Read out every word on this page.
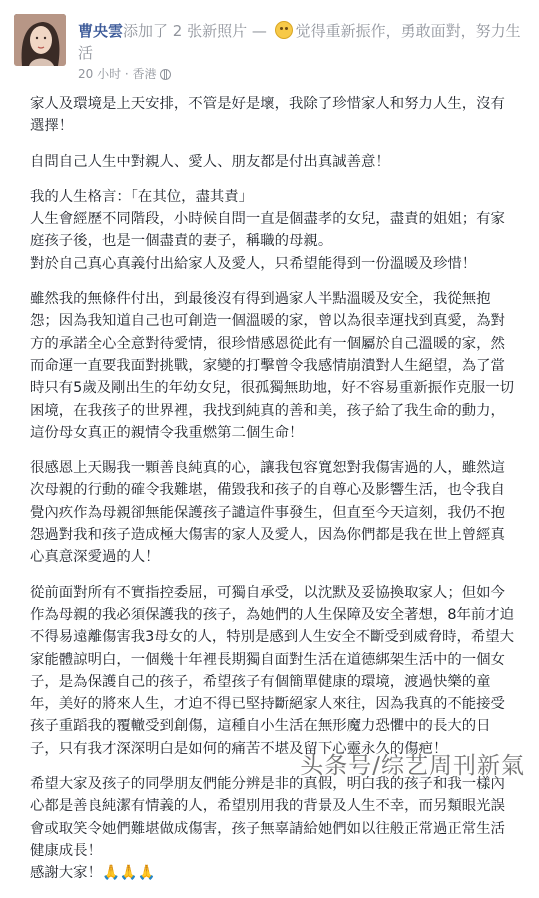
曹央雲添加了 2 张新照片 — 觉得重新振作，勇敢面對，努力生活
20 小时 · 香港

家人及環境是上天安排，不管是好是壞，我除了珍惜家人和努力人生，沒有選擇！

自問自己人生中對親人、愛人、朋友都是付出真誠善意！

我的人生格言：「在其位，盡其責」
人生會經歷不同階段，小時候自問一直是個盡孝的女兒，盡責的姐姐；有家庭孩子後，也是一個盡責的妻子，稱職的母親。
對於自己真心真義付出給家人及愛人，只希望能得到一份溫暖及珍惜！

雖然我的無條件付出，到最後沒有得到過家人半點溫暖及安全，我從無抱怨；因為我知道自己也可創造一個溫暖的家，曾以為很幸運找到真愛，為對方的承諾全心全意對待愛情，很珍惜感恩從此有一個屬於自己溫暖的家，然而命運一直要我面對挑戰，家變的打擊曾令我感情崩潰對人生絕望，為了當時只有5歲及剛出生的年幼女兒，很孤獨無助地，好不容易重新振作克服一切困境，在我孩子的世界裡，我找到純真的善和美，孩子給了我生命的動力，這份母女真正的親情令我重燃第二個生命！

很感恩上天賜我一顆善良純真的心，讓我包容寬恕對我傷害過的人，雖然這次母親的行動的確令我難堪，備毀我和孩子的自尊心及影響生活，也令我自覺內疚作為母親卻無能保護孩子譴這件事發生，但直至今天這刻，我仍不抱怨過對我和孩子造成極大傷害的家人及愛人，因為你們都是我在世上曾經真心真意深愛過的人！

從前面對所有不實指控委屈，可獨自承受，以沈默及妥協換取家人；但如今作為母親的我必須保護我的孩子，為她們的人生保障及安全著想，8年前才迫不得易遠離傷害我3母女的人，特別是感到人生安全不斷受到威脅時，希望大家能體諒明白，一個幾十年裡長期獨自面對生活在道德綁架生活中的一個女子，是為保護自己的孩子，希望孩子有個簡單健康的環境，渡過快樂的童年，美好的將來人生，才迫不得已堅持斷絕家人來往，因為我真的不能接受孩子重蹈我的覆轍受到創傷，這種自小生活在無形魔力恐懼中的長大的日子，只有我才深深明白是如何的痛苦不堪及留下心靈永久的傷疤！

希望大家及孩子的同學朋友們能分辨是非的真假，明白我的孩子和我一樣內心都是善良純潔有情義的人，希望別用我的背景及人生不幸，而另類眼光誤會或取笑令她們難堪做成傷害，孩子無辜請給她們如以往般正常過正常生活健康成長！
感謝大家！🙏🙏🙏

头条号/综艺周刊新氣
